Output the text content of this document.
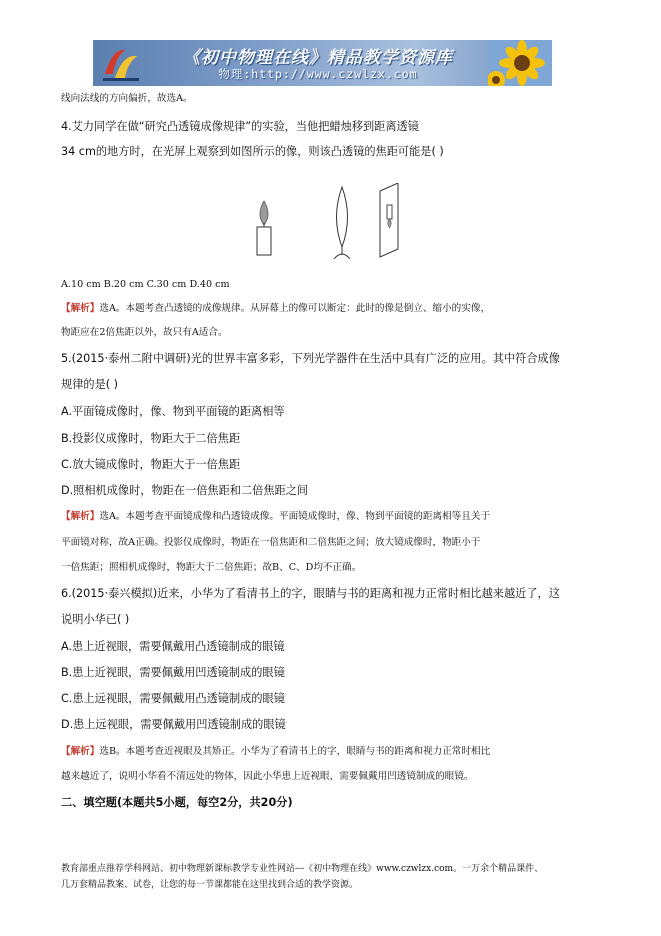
《初中物理在线》精品教学资源库
物理:http://www.czwlzx.com
线向法线的方向偏折，故选A。
4.艾力同学在做“研究凸透镜成像规律”的实验，当他把蜡烛移到距离透镜
34 cm的地方时，在光屏上观察到如图所示的像，则该凸透镜的焦距可能是( )
A.10 cm B.20 cm C.30 cm D.40 cm
【解析】选A。本题考查凸透镜的成像规律。从屏幕上的像可以断定：此时的像是倒立、缩小的实像，
物距应在2倍焦距以外，故只有A适合。
5.(2015·泰州二附中调研)光的世界丰富多彩，下列光学器件在生活中具有广泛的应用。其中符合成像
规律的是( )
A.平面镜成像时，像、物到平面镜的距离相等
B.投影仪成像时，物距大于二倍焦距
C.放大镜成像时，物距大于一倍焦距
D.照相机成像时，物距在一倍焦距和二倍焦距之间
【解析】选A。本题考查平面镜成像和凸透镜成像。平面镜成像时，像、物到平面镜的距离相等且关于
平面镜对称，故A正确。投影仪成像时，物距在一倍焦距和二倍焦距之间；放大镜成像时，物距小于
一倍焦距；照相机成像时，物距大于二倍焦距；故B、C、D均不正确。
6.(2015·泰兴模拟)近来，小华为了看清书上的字，眼睛与书的距离和视力正常时相比越来越近了，这
说明小华已( )
A.患上近视眼，需要佩戴用凸透镜制成的眼镜
B.患上近视眼，需要佩戴用凹透镜制成的眼镜
C.患上远视眼，需要佩戴用凸透镜制成的眼镜
D.患上远视眼，需要佩戴用凹透镜制成的眼镜
【解析】选B。本题考查近视眼及其矫正。小华为了看清书上的字，眼睛与书的距离和视力正常时相比
越来越近了，说明小华看不清远处的物体，因此小华患上近视眼，需要佩戴用凹透镜制成的眼镜。
二、填空题(本题共5小题，每空2分，共20分)
教育部重点推荐学科网站、初中物理新课标教学专业性网站---《初中物理在线》www.czwlzx.com。一万余个精品课件、
几万套精品教案、试卷，让您的每一节课都能在这里找到合适的教学资源。
